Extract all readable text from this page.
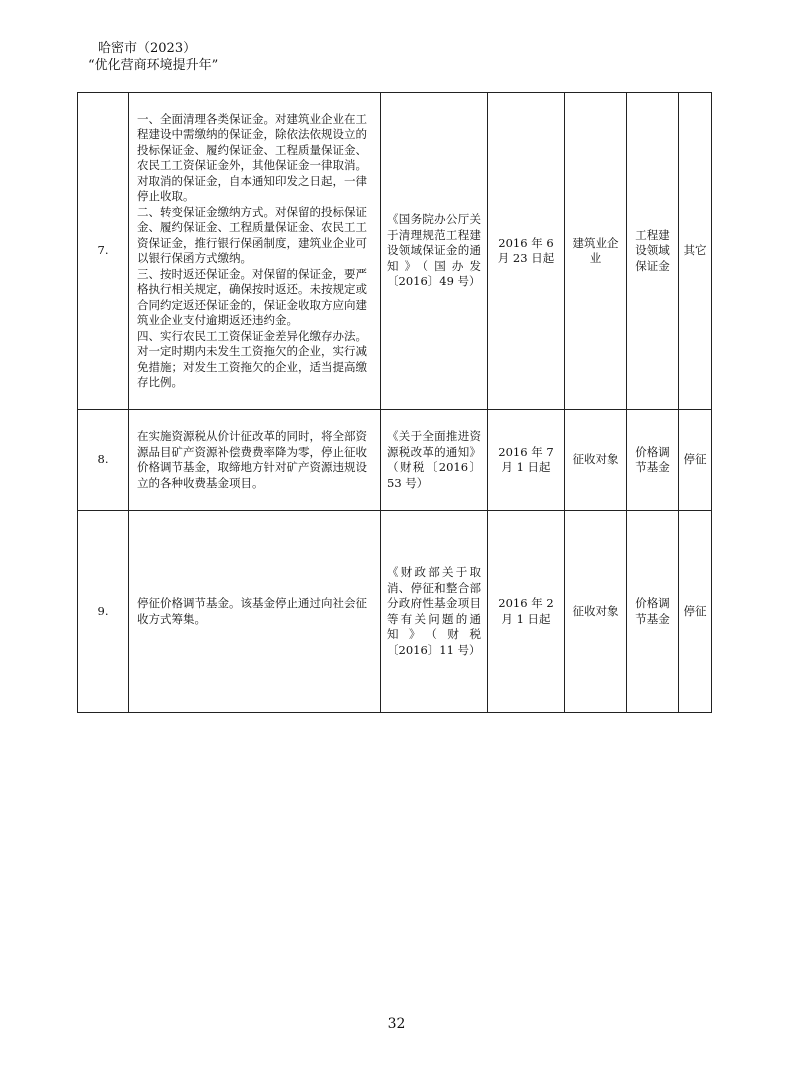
哈密市（2023）
“优化营商环境提升年”
7.	一、全面清理各类保证金。对建筑业企业在工程建设中需缴纳的保证金，除依法依规设立的投标保证金、履约保证金、工程质量保证金、农民工工资保证金外，其他保证金一律取消。对取消的保证金，自本通知印发之日起，一律停止收取。

二、转变保证金缴纳方式。对保留的投标保证金、履约保证金、工程质量保证金、农民工工资保证金，推行银行保函制度，建筑业企业可以银行保函方式缴纳。

三、按时返还保证金。对保留的保证金，要严格执行相关规定，确保按时返还。未按规定或合同约定返还保证金的，保证金收取方应向建筑业企业支付逾期返还违约金。

四、实行农民工工资保证金差异化缴存办法。对一定时期内未发生工资拖欠的企业，实行减免措施；对发生工资拖欠的企业，适当提高缴存比例。	《国务院办公厅关于清理规范工程建设领域保证金的通知》（国办发〔2016〕49 号）	2016 年 6 月 23 日起	建筑业企业	工程建设领域保证金	其它
8.	在实施资源税从价计征改革的同时，将全部资源品目矿产资源补偿费费率降为零，停止征收价格调节基金，取缔地方针对矿产资源违规设立的各种收费基金项目。	《关于全面推进资源税改革的通知》（财税〔2016〕53 号）	2016 年 7 月 1 日起	征收对象	价格调节基金	停征
9.	停征价格调节基金。该基金停止通过向社会征收方式筹集。	《财政部关于取消、停征和整合部分政府性基金项目等有关问题的通知》（财税〔2016〕11 号）	2016 年 2 月 1 日起	征收对象	价格调节基金	停征
32
